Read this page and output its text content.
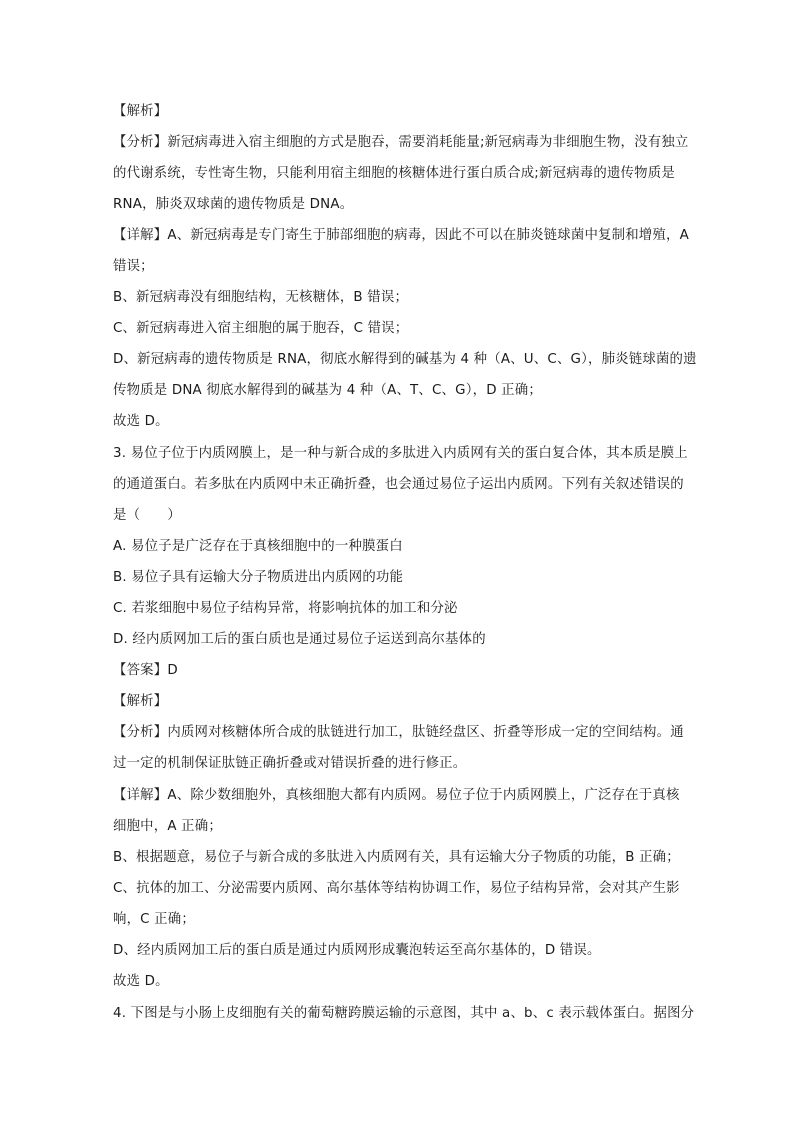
【解析】
【分析】新冠病毒进入宿主细胞的方式是胞吞，需要消耗能量;新冠病毒为非细胞生物，没有独立
的代谢系统，专性寄生物，只能利用宿主细胞的核糖体进行蛋白质合成;新冠病毒的遗传物质是
RNA，肺炎双球菌的遗传物质是 DNA。
【详解】A、新冠病毒是专门寄生于肺部细胞的病毒，因此不可以在肺炎链球菌中复制和增殖，A
错误；
B、新冠病毒没有细胞结构，无核糖体，B 错误；
C、新冠病毒进入宿主细胞的属于胞吞，C 错误；
D、新冠病毒的遗传物质是 RNA，彻底水解得到的碱基为 4 种（A、U、C、G），肺炎链球菌的遗
传物质是 DNA 彻底水解得到的碱基为 4 种（A、T、C、G），D 正确；
故选 D。
3. 易位子位于内质网膜上，是一种与新合成的多肽进入内质网有关的蛋白复合体，其本质是膜上
的通道蛋白。若多肽在内质网中未正确折叠，也会通过易位子运出内质网。下列有关叙述错误的
是（　　）
A. 易位子是广泛存在于真核细胞中的一种膜蛋白
B. 易位子具有运输大分子物质进出内质网的功能
C. 若浆细胞中易位子结构异常，将影响抗体的加工和分泌
D. 经内质网加工后的蛋白质也是通过易位子运送到高尔基体的
【答案】D
【解析】
【分析】内质网对核糖体所合成的肽链进行加工，肽链经盘区、折叠等形成一定的空间结构。通
过一定的机制保证肽链正确折叠或对错误折叠的进行修正。
【详解】A、除少数细胞外，真核细胞大都有内质网。易位子位于内质网膜上，广泛存在于真核
细胞中，A 正确；
B、根据题意，易位子与新合成的多肽进入内质网有关，具有运输大分子物质的功能，B 正确；
C、抗体的加工、分泌需要内质网、高尔基体等结构协调工作，易位子结构异常，会对其产生影
响，C 正确；
D、经内质网加工后的蛋白质是通过内质网形成囊泡转运至高尔基体的，D 错误。
故选 D。
4. 下图是与小肠上皮细胞有关的葡萄糖跨膜运输的示意图，其中 a、b、c 表示载体蛋白。据图分
